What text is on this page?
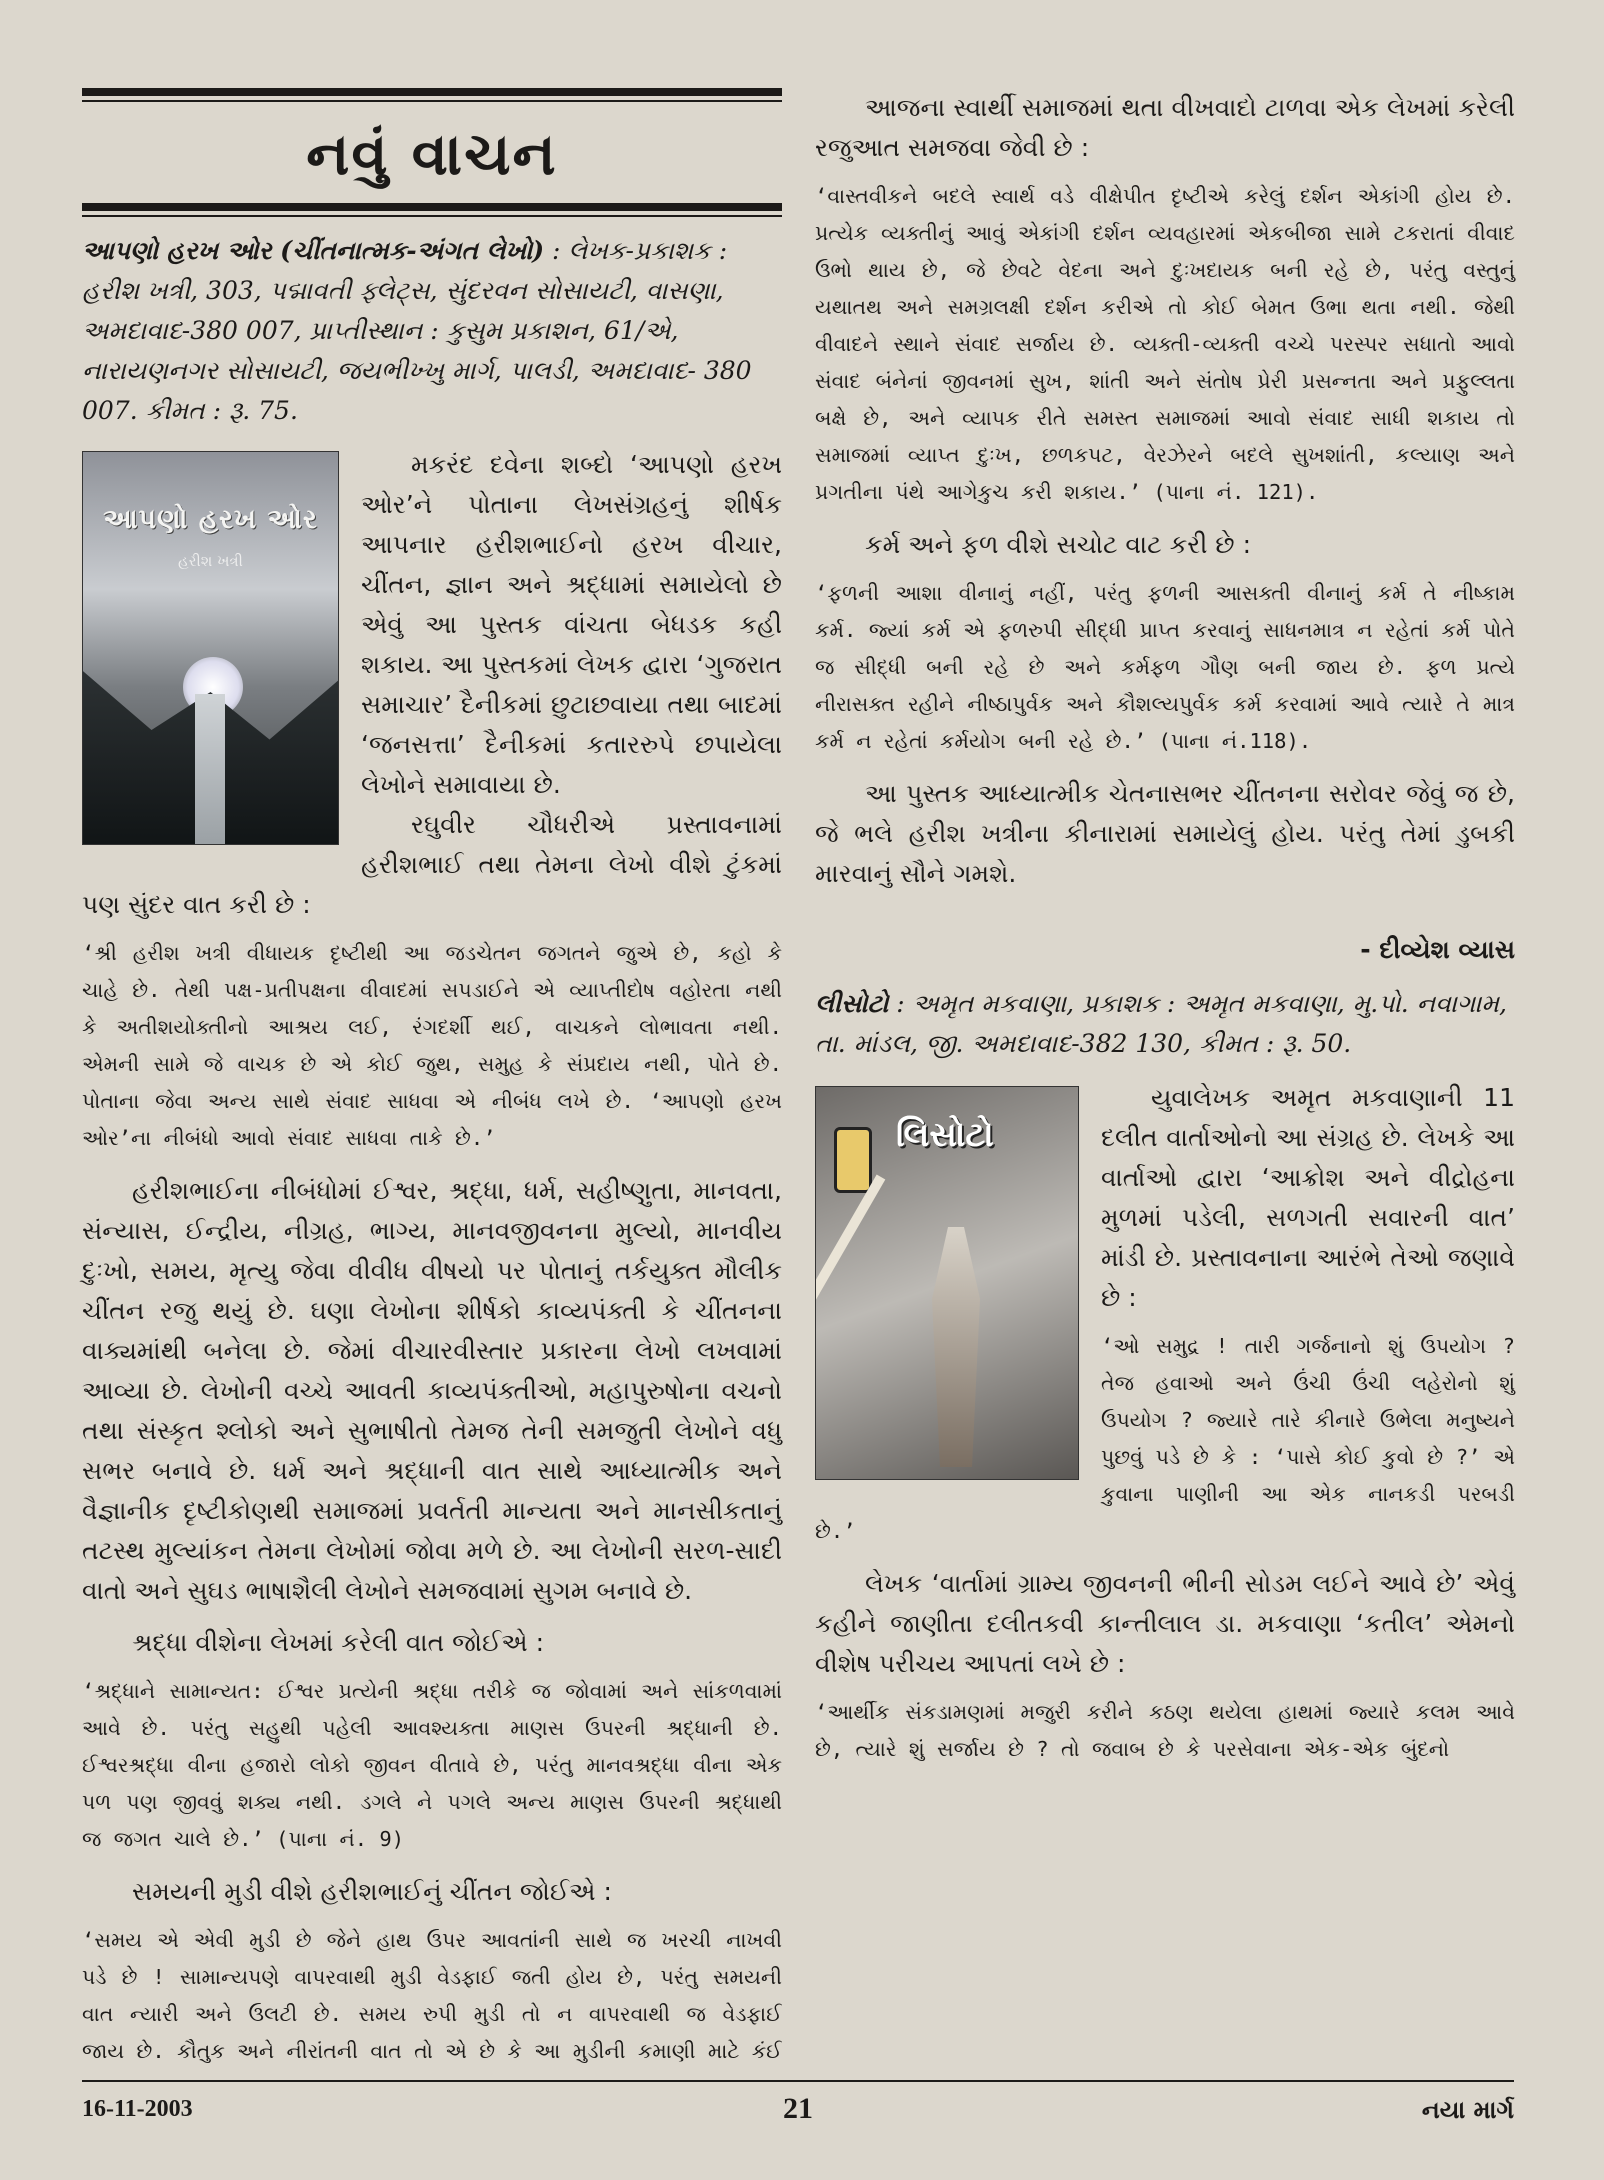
નવું વાચન
આપણો હરખ ઓર (ચીંતનાત્મક-અંગત લેખો) : લેખક-પ્રકાશક : હરીશ ખત્રી, 303, પદ્માવતી ફ્લેટ્સ, સુંદરવન સોસાયટી, વાસણા, અમદાવાદ-380 007, પ્રાપ્તીસ્થાન : કુસુમ પ્રકાશન, 61/એ, નારાયણનગર સોસાયટી, જયભીખ્ખુ માર્ગ, પાલડી, અમદાવાદ- 380 007. કીમત : રૂ. 75.
આપણો હરખ ઓર
હરીશ ખત્રી

મકરંદ દવેના શબ્દો ‘આપણો હરખ ઓર’ને પોતાના લેખસંગ્રહનું શીર્ષક આપનાર હરીશભાઈનો હરખ વીચાર, ચીંતન, જ્ઞાન અને શ્રદ્ધામાં સમાયેલો છે એવું આ પુસ્તક વાંચતા બેધડક કહી શકાય. આ પુસ્તકમાં લેખક દ્વારા ‘ગુજરાત સમાચાર’ દૈનીકમાં છુટાછવાયા તથા બાદમાં ‘જનસત્તા’ દૈનીકમાં કતારરુપે છપાયેલા લેખોને સમાવાયા છે.

રઘુવીર ચૌધરીએ પ્રસ્તાવનામાં હરીશભાઈ તથા તેમના લેખો વીશે ટુંકમાં પણ સુંદર વાત કરી છે :

‘શ્રી હરીશ ખત્રી વીધાયક દૃષ્ટીથી આ જડચેતન જગતને જુએ છે, કહો કે ચાહે છે. તેથી પક્ષ-પ્રતીપક્ષના વીવાદમાં સપડાઈને એ વ્યાપ્તીદોષ વહોરતા નથી કે અતીશયોક્તીનો આશ્રય લઈ, રંગદર્શી થઈ, વાચકને લોભાવતા નથી. એમની સામે જે વાચક છે એ કોઈ જુથ, સમુહ કે સંપ્રદાય નથી, પોતે છે. પોતાના જેવા અન્ય સાથે સંવાદ સાધવા એ નીબંધ લખે છે. ‘આપણો હરખ ઓર’ના નીબંધો આવો સંવાદ સાધવા તાકે છે.’

હરીશભાઈના નીબંધોમાં ઈશ્વર, શ્રદ્ધા, ધર્મ, સહીષ્ણુતા, માનવતા, સંન્યાસ, ઈન્દ્રીય, નીગ્રહ, ભાગ્ય, માનવજીવનના મુલ્યો, માનવીય દુઃખો, સમય, મૃત્યુ જેવા વીવીધ વીષયો પર પોતાનું તર્કયુક્ત મૌલીક ચીંતન રજુ થયું છે. ઘણા લેખોના શીર્ષકો કાવ્યપંક્તી કે ચીંતનના વાક્યમાંથી બનેલા છે. જેમાં વીચારવીસ્તાર પ્રકારના લેખો લખવામાં આવ્યા છે. લેખોની વચ્ચે આવતી કાવ્યપંક્તીઓ, મહાપુરુષોના વચનો તથા સંસ્કૃત શ્લોકો અને સુભાષીતો તેમજ તેની સમજુતી લેખોને વધુ સભર બનાવે છે. ધર્મ અને શ્રદ્ધાની વાત સાથે આધ્યાત્મીક અને વૈજ્ઞાનીક દૃષ્ટીકોણથી સમાજમાં પ્રવર્તતી માન્યતા અને માનસીકતાનું તટસ્થ મુલ્યાંકન તેમના લેખોમાં જોવા મળે છે. આ લેખોની સરળ-સાદી વાતો અને સુઘડ ભાષાશૈલી લેખોને સમજવામાં સુગમ બનાવે છે.

શ્રદ્ધા વીશેના લેખમાં કરેલી વાત જોઈએ :

‘શ્રદ્ધાને સામાન્યત: ઈશ્વર પ્રત્યેની શ્રદ્ધા તરીકે જ જોવામાં અને સાંકળવામાં આવે છે. પરંતુ સહુથી પહેલી આવશ્યક્તા માણસ ઉપરની શ્રદ્ધાની છે. ઈશ્વરશ્રદ્ધા વીના હજારો લોકો જીવન વીતાવે છે, પરંતુ માનવશ્રદ્ધા વીના એક પળ પણ જીવવું શક્ય નથી. ડગલે ને પગલે અન્ય માણસ ઉપરની શ્રદ્ધાથી જ જગત ચાલે છે.’ (પાના નં. 9)

સમયની મુડી વીશે હરીશભાઈનું ચીંતન જોઈએ :

‘સમય એ એવી મુડી છે જેને હાથ ઉપર આવતાંની સાથે જ ખરચી નાખવી પડે છે ! સામાન્યપણે વાપરવાથી મુડી વેડફાઈ જતી હોય છે, પરંતુ સમયની વાત ન્યારી અને ઉલટી છે. સમય રુપી મુડી તો ન વાપરવાથી જ વેડફાઈ જાય છે. કૌતુક અને નીરાંતની વાત તો એ છે કે આ મુડીની કમાણી માટે કંઈ

આજના સ્વાર્થી સમાજમાં થતા વીખવાદો ટાળવા એક લેખમાં કરેલી રજુઆત સમજવા જેવી છે :

‘વાસ્તવીકને બદલે સ્વાર્થ વડે વીક્ષેપીત દૃષ્ટીએ કરેલું દર્શન એકાંગી હોય છે. પ્રત્યેક વ્યક્તીનું આવું એકાંગી દર્શન વ્યવહારમાં એકબીજા સામે ટકરાતાં વીવાદ ઉભો થાય છે, જે છેવટે વેદના અને દુઃખદાયક બની રહે છે, પરંતુ વસ્તુનું યથાતથ અને સમગ્રલક્ષી દર્શન કરીએ તો કોઈ બેમત ઉભા થતા નથી. જેથી વીવાદને સ્થાને સંવાદ સર્જાય છે. વ્યક્તી-વ્યક્તી વચ્ચે પરસ્પર સધાતો આવો સંવાદ બંનેનાં જીવનમાં સુખ, શાંતી અને સંતોષ પ્રેરી પ્રસન્નતા અને પ્રફુલ્લતા બક્ષે છે, અને વ્યાપક રીતે સમસ્ત સમાજમાં આવો સંવાદ સાધી શકાય તો સમાજમાં વ્યાપ્ત દુઃખ, છળકપટ, વેરઝેરને બદલે સુખશાંતી, કલ્યાણ અને પ્રગતીના પંથે આગેકુચ કરી શકાય.’ (પાના નં. 121).

કર્મ અને ફળ વીશે સચોટ વાટ કરી છે :

‘ફળની આશા વીનાનું નહીં, પરંતુ ફળની આસક્તી વીનાનું કર્મ તે નીષ્કામ કર્મ. જ્યાં કર્મ એ ફળરુપી સીદ્ધી પ્રાપ્ત કરવાનું સાધનમાત્ર ન રહેતાં કર્મ પોતે જ સીદ્ધી બની રહે છે અને કર્મફળ ગૌણ બની જાય છે. ફળ પ્રત્યે નીરાસક્ત રહીને નીષ્ઠાપુર્વક અને કૌશલ્યપુર્વક કર્મ કરવામાં આવે ત્યારે તે માત્ર કર્મ ન રહેતાં કર્મયોગ બની રહે છે.’ (પાના નં.118).

આ પુસ્તક આધ્યાત્મીક ચેતનાસભર ચીંતનના સરોવર જેવું જ છે, જે ભલે હરીશ ખત્રીના કીનારામાં સમાયેલું હોય. પરંતુ તેમાં ડુબકી મારવાનું સૌને ગમશે.

- દીવ્યેશ વ્યાસ
લીસોટો : અમૃત મકવાણા, પ્રકાશક : અમૃત મકવાણા, મુ.પો. નવાગામ, તા. માંડલ, જી. અમદાવાદ-382 130, કીમત : રૂ. 50.
લિસોટો

યુવાલેખક અમૃત મકવાણાની 11 દલીત વાર્તાઓનો આ સંગ્રહ છે. લેખકે આ વાર્તાઓ દ્વારા ‘આક્રોશ અને વીદ્રોહના મુળમાં પડેલી, સળગતી સવારની વાત’ માંડી છે. પ્રસ્તાવનાના આરંભે તેઓ જણાવે છે :

‘ઓ સમુદ્ર ! તારી ગર્જનાનો શું ઉપયોગ ? તેજ હવાઓ અને ઉંચી ઉંચી લહેરોનો શું ઉપયોગ ? જ્યારે તારે કીનારે ઉભેલા મનુષ્યને પુછવું પડે છે કે : ‘પાસે કોઈ કુવો છે ?’ એ કુવાના પાણીની આ એક નાનકડી પરબડી છે.’

લેખક ‘વાર્તામાં ગ્રામ્ય જીવનની ભીની સોડમ લઈને આવે છે’ એવું કહીને જાણીતા દલીતકવી કાન્તીલાલ ડા. મકવાણા ‘કતીલ’ એમનો વીશેષ પરીચય આપતાં લખે છે :

‘આર્થીક સંકડામણમાં મજુરી કરીને કઠણ થયેલા હાથમાં જ્યારે કલમ આવે છે, ત્યારે શું સર્જાય છે ? તો જવાબ છે કે પરસેવાના એક-એક બુંદનો
16-11-2003	21	નયા માર્ગ
